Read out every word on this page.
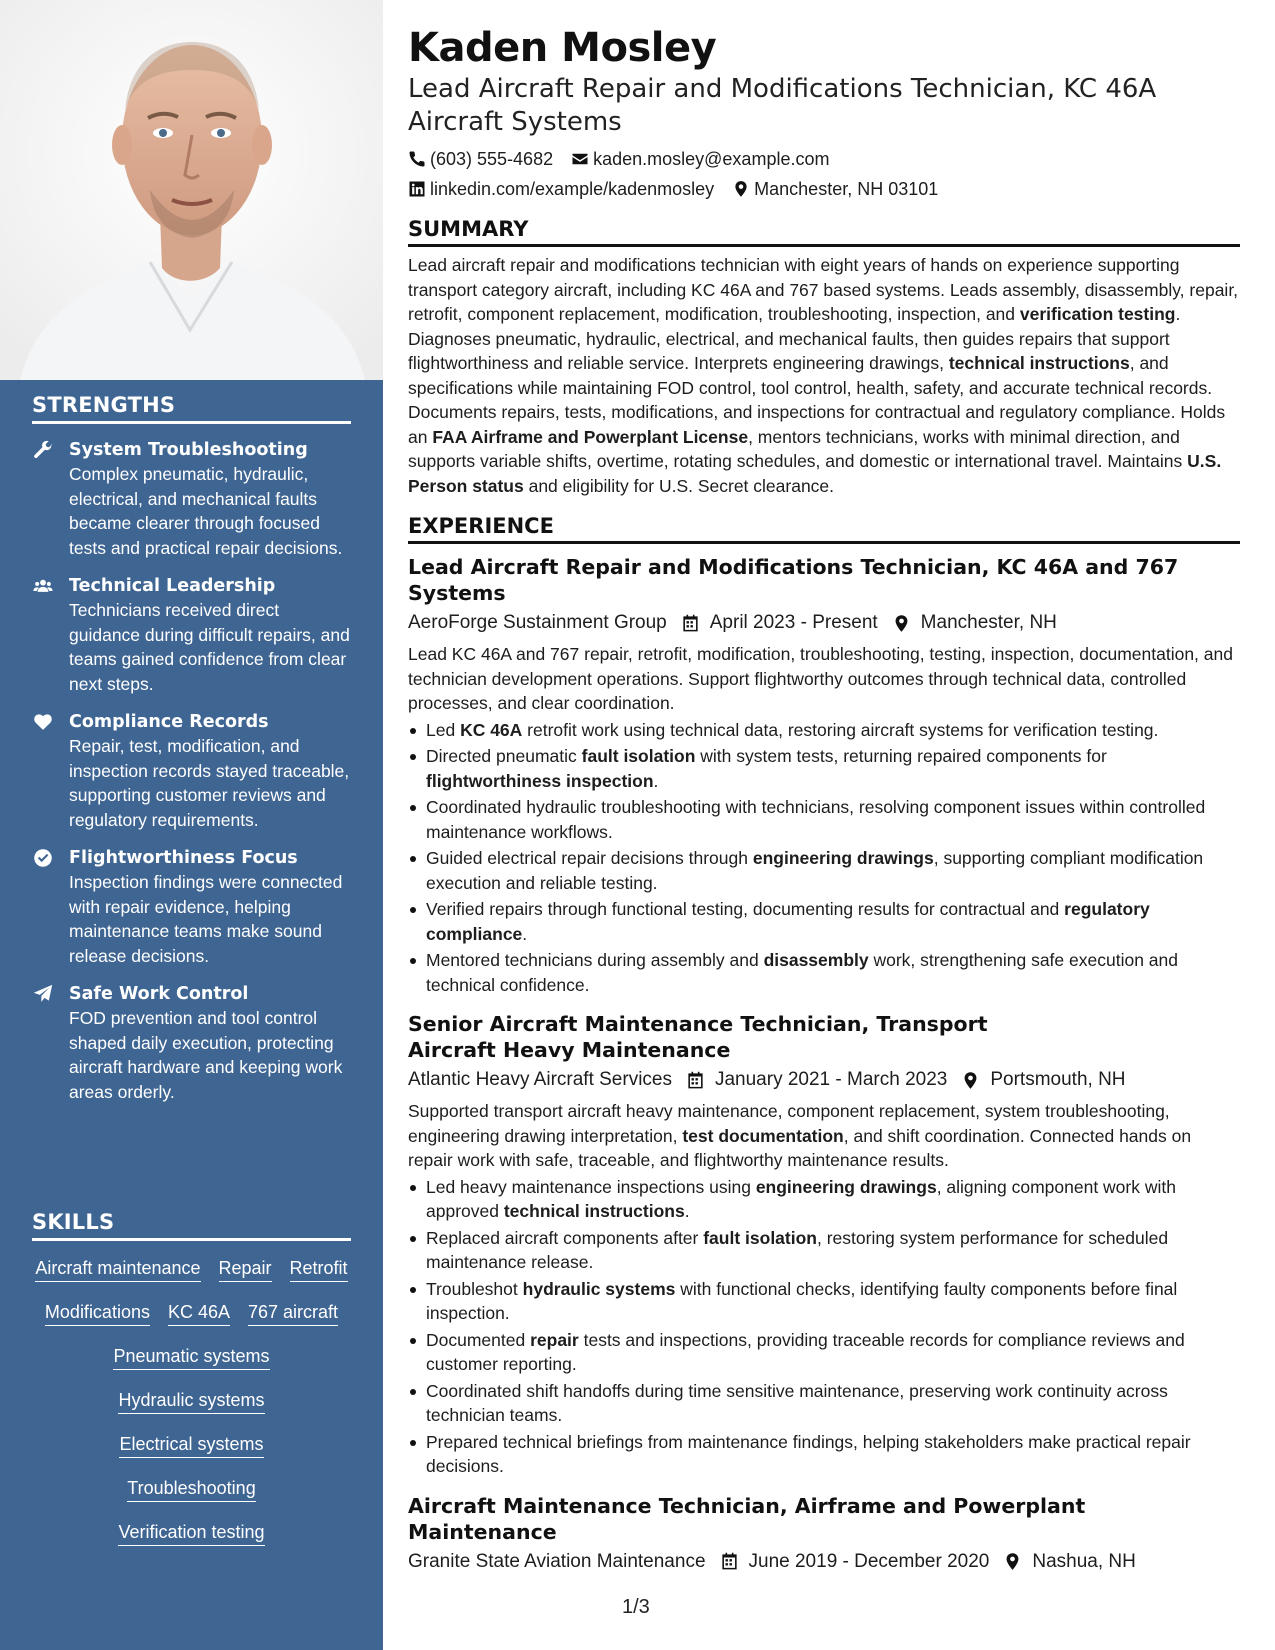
STRENGTHS
System Troubleshooting
Complex pneumatic, hydraulic, electrical, and mechanical faults became clearer through focused tests and practical repair decisions.
Technical Leadership
Technicians received direct guidance during difficult repairs, and teams gained confidence from clear next steps.
Compliance Records
Repair, test, modification, and inspection records stayed traceable, supporting customer reviews and regulatory requirements.
Flightworthiness Focus
Inspection findings were connected with repair evidence, helping maintenance teams make sound release decisions.
Safe Work Control
FOD prevention and tool control shaped daily execution, protecting aircraft hardware and keeping work areas orderly.
SKILLS
Aircraft maintenance Repair Retrofit
Modifications KC 46A 767 aircraft
Pneumatic systems
Hydraulic systems
Electrical systems
Troubleshooting
Verification testing
Kaden Mosley
Lead Aircraft Repair and Modifications Technician, KC 46A Aircraft Systems
(603) 555-4682 kaden.mosley@example.com
linkedin.com/example/kadenmosley Manchester, NH 03101
SUMMARY
Lead aircraft repair and modifications technician with eight years of hands on experience supporting transport category aircraft, including KC 46A and 767 based systems. Leads assembly, disassembly, repair, retrofit, component replacement, modification, troubleshooting, inspection, and verification testing. Diagnoses pneumatic, hydraulic, electrical, and mechanical faults, then guides repairs that support flightworthiness and reliable service. Interprets engineering drawings, technical instructions, and specifications while maintaining FOD control, tool control, health, safety, and accurate technical records. Documents repairs, tests, modifications, and inspections for contractual and regulatory compliance. Holds an FAA Airframe and Powerplant License, mentors technicians, works with minimal direction, and supports variable shifts, overtime, rotating schedules, and domestic or international travel. Maintains U.S. Person status and eligibility for U.S. Secret clearance.
EXPERIENCE
Lead Aircraft Repair and Modifications Technician, KC 46A and 767 Systems
AeroForge Sustainment Group April 2023 - Present Manchester, NH
Lead KC 46A and 767 repair, retrofit, modification, troubleshooting, testing, inspection, documentation, and technician development operations. Support flightworthy outcomes through technical data, controlled processes, and clear coordination.
Led KC 46A retrofit work using technical data, restoring aircraft systems for verification testing.
Directed pneumatic fault isolation with system tests, returning repaired components for flightworthiness inspection.
Coordinated hydraulic troubleshooting with technicians, resolving component issues within controlled maintenance workflows.
Guided electrical repair decisions through engineering drawings, supporting compliant modification execution and reliable testing.
Verified repairs through functional testing, documenting results for contractual and regulatory compliance.
Mentored technicians during assembly and disassembly work, strengthening safe execution and technical confidence.
Senior Aircraft Maintenance Technician, Transport Aircraft Heavy Maintenance
Atlantic Heavy Aircraft Services January 2021 - March 2023 Portsmouth, NH
Supported transport aircraft heavy maintenance, component replacement, system troubleshooting, engineering drawing interpretation, test documentation, and shift coordination. Connected hands on repair work with safe, traceable, and flightworthy maintenance results.
Led heavy maintenance inspections using engineering drawings, aligning component work with approved technical instructions.
Replaced aircraft components after fault isolation, restoring system performance for scheduled maintenance release.
Troubleshot hydraulic systems with functional checks, identifying faulty components before final inspection.
Documented repair tests and inspections, providing traceable records for compliance reviews and customer reporting.
Coordinated shift handoffs during time sensitive maintenance, preserving work continuity across technician teams.
Prepared technical briefings from maintenance findings, helping stakeholders make practical repair decisions.
Aircraft Maintenance Technician, Airframe and Powerplant Maintenance
Granite State Aviation Maintenance June 2019 - December 2020 Nashua, NH
1/3
